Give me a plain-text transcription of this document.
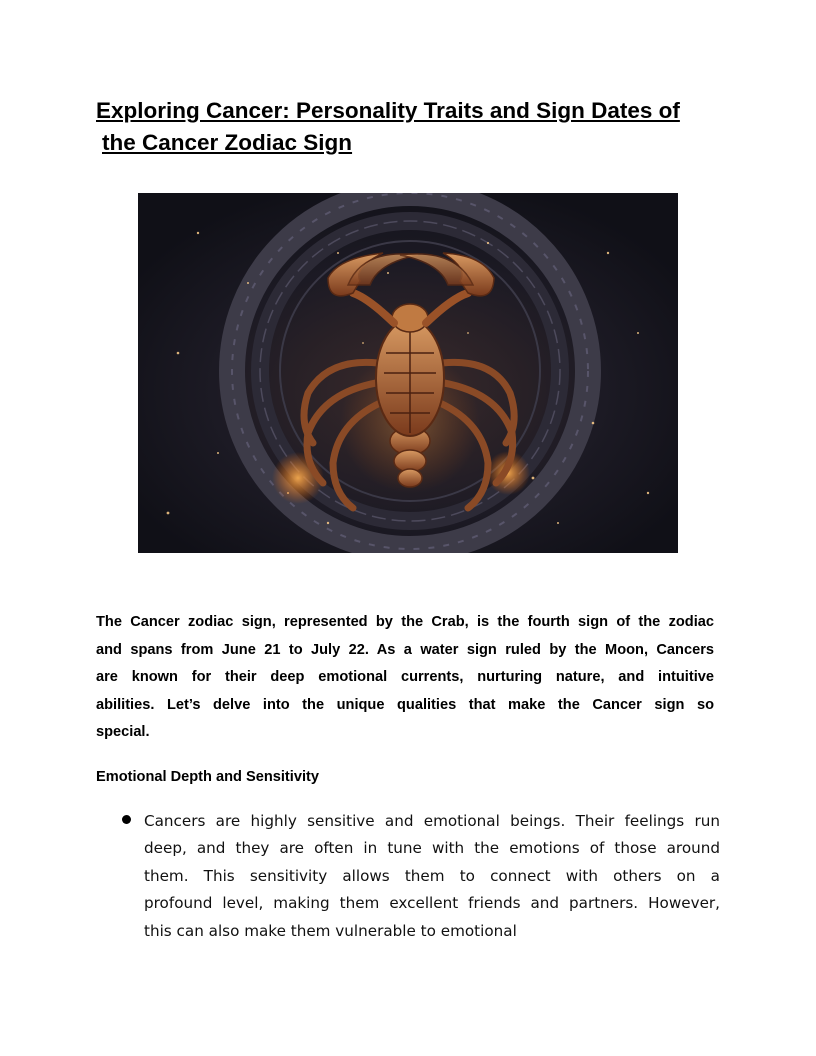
Exploring Cancer: Personality Traits and Sign Dates of
the Cancer Zodiac Sign

The Cancer zodiac sign, represented by the Crab, is the fourth sign of the zodiac
and spans from June 21 to July 22. As a water sign ruled by the Moon, Cancers
are known for their deep emotional currents, nurturing nature, and intuitive
abilities. Let’s delve into the unique qualities that make the Cancer sign so
special.

Emotional Depth and Sensitivity
Cancers are highly sensitive and emotional beings. Their feelings run
deep, and they are often in tune with the emotions of those around
them. This sensitivity allows them to connect with others on a
profound level, making them excellent friends and partners. However,
this can also make them vulnerable to emotional
